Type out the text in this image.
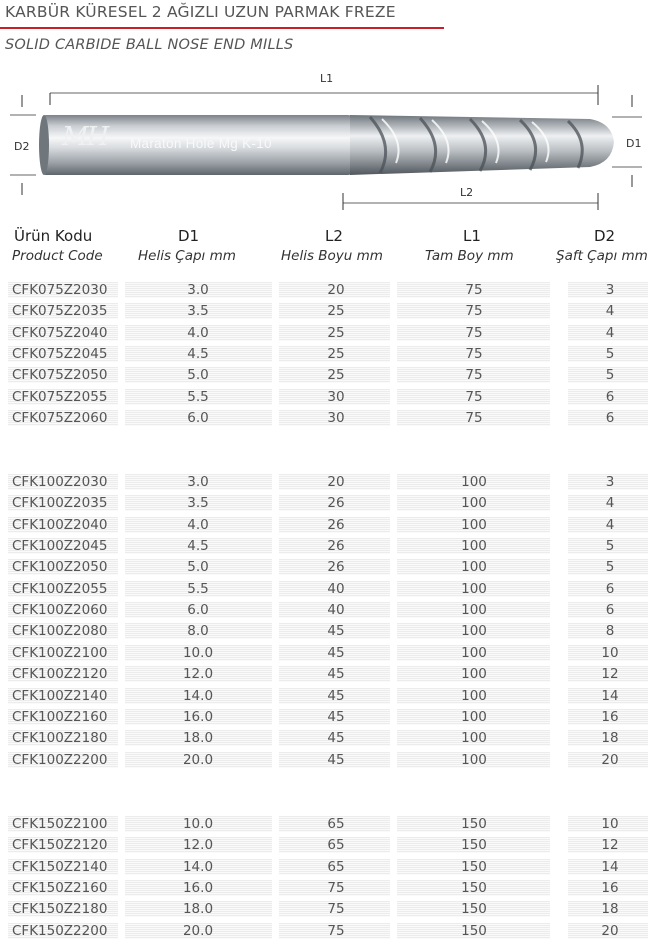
KARBÜR KÜRESEL 2 AĞIZLI UZUN PARMAK FREZE
SOLID CARBIDE BALL NOSE END MILLS
L1
L2
D2	D1
MH Maraton Hole Mg K-10
Ürün Kodu
Product Code
D1
Helis Çapı mm
L2
Helis Boyu mm
L1
Tam Boy mm
D2
Şaft Çapı mm
CFK075Z2030	3.0	20	75	3
CFK075Z2035	3.5	25	75	4
CFK075Z2040	4.0	25	75	4
CFK075Z2045	4.5	25	75	5
CFK075Z2050	5.0	25	75	5
CFK075Z2055	5.5	30	75	6
CFK075Z2060	6.0	30	75	6
CFK100Z2030	3.0	20	100	3
CFK100Z2035	3.5	26	100	4
CFK100Z2040	4.0	26	100	4
CFK100Z2045	4.5	26	100	5
CFK100Z2050	5.0	26	100	5
CFK100Z2055	5.5	40	100	6
CFK100Z2060	6.0	40	100	6
CFK100Z2080	8.0	45	100	8
CFK100Z2100	10.0	45	100	10
CFK100Z2120	12.0	45	100	12
CFK100Z2140	14.0	45	100	14
CFK100Z2160	16.0	45	100	16
CFK100Z2180	18.0	45	100	18
CFK100Z2200	20.0	45	100	20
CFK150Z2100	10.0	65	150	10
CFK150Z2120	12.0	65	150	12
CFK150Z2140	14.0	65	150	14
CFK150Z2160	16.0	75	150	16
CFK150Z2180	18.0	75	150	18
CFK150Z2200	20.0	75	150	20
